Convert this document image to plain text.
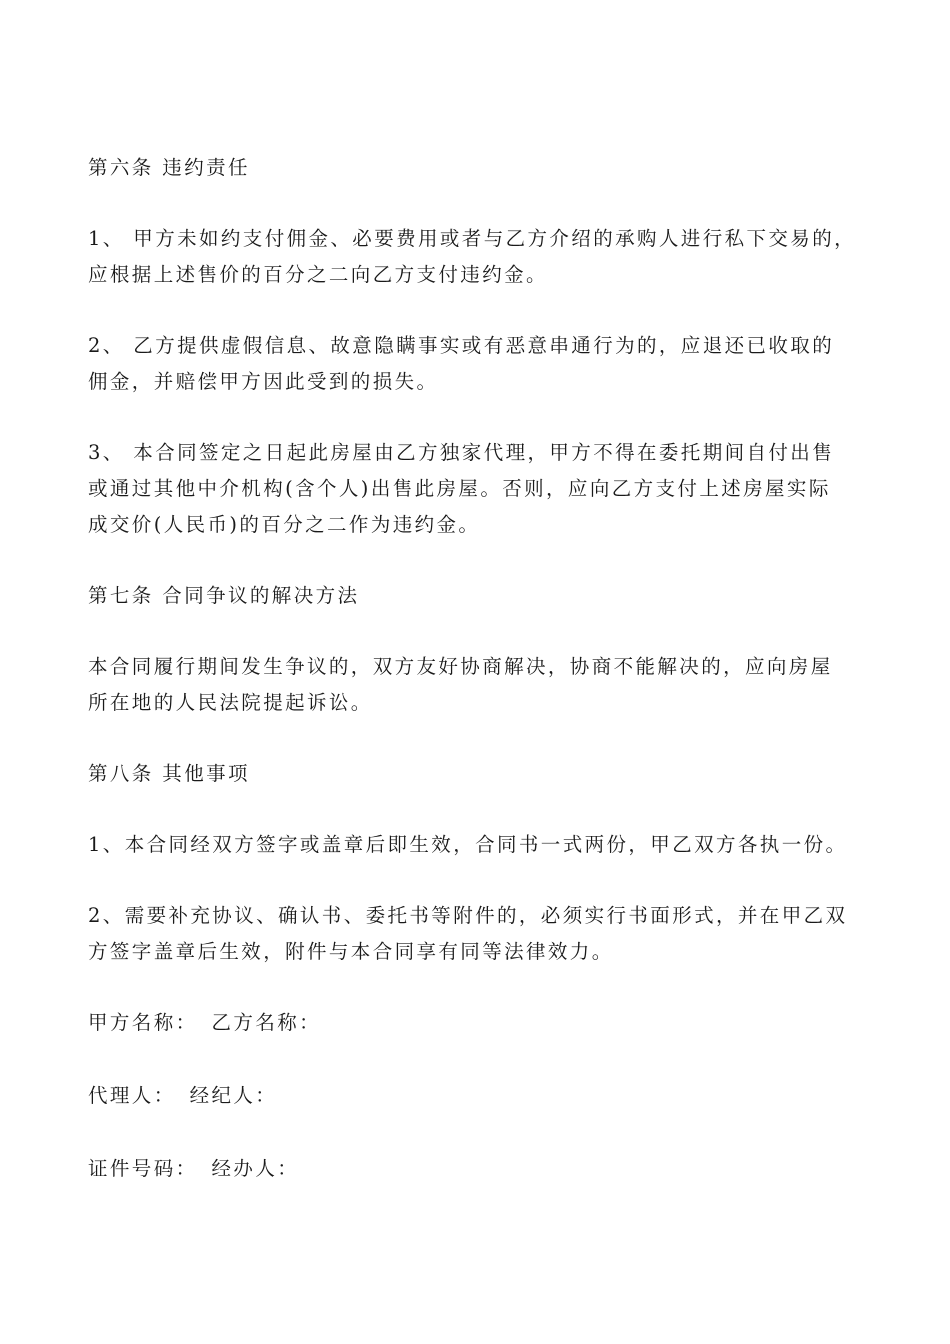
第六条 违约责任
1、 甲方未如约支付佣金、必要费用或者与乙方介绍的承购人进行私下交易的，
应根据上述售价的百分之二向乙方支付违约金。
2、 乙方提供虚假信息、故意隐瞒事实或有恶意串通行为的，应退还已收取的
佣金，并赔偿甲方因此受到的损失。
3、 本合同签定之日起此房屋由乙方独家代理，甲方不得在委托期间自付出售
或通过其他中介机构(含个人)出售此房屋。否则，应向乙方支付上述房屋实际
成交价(人民币)的百分之二作为违约金。
第七条 合同争议的解决方法
本合同履行期间发生争议的，双方友好协商解决，协商不能解决的，应向房屋
所在地的人民法院提起诉讼。
第八条 其他事项
1、本合同经双方签字或盖章后即生效，合同书一式两份，甲乙双方各执一份。
2、需要补充协议、确认书、委托书等附件的，必须实行书面形式，并在甲乙双
方签字盖章后生效，附件与本合同享有同等法律效力。
甲方名称： 乙方名称：
代理人： 经纪人：
证件号码： 经办人：
